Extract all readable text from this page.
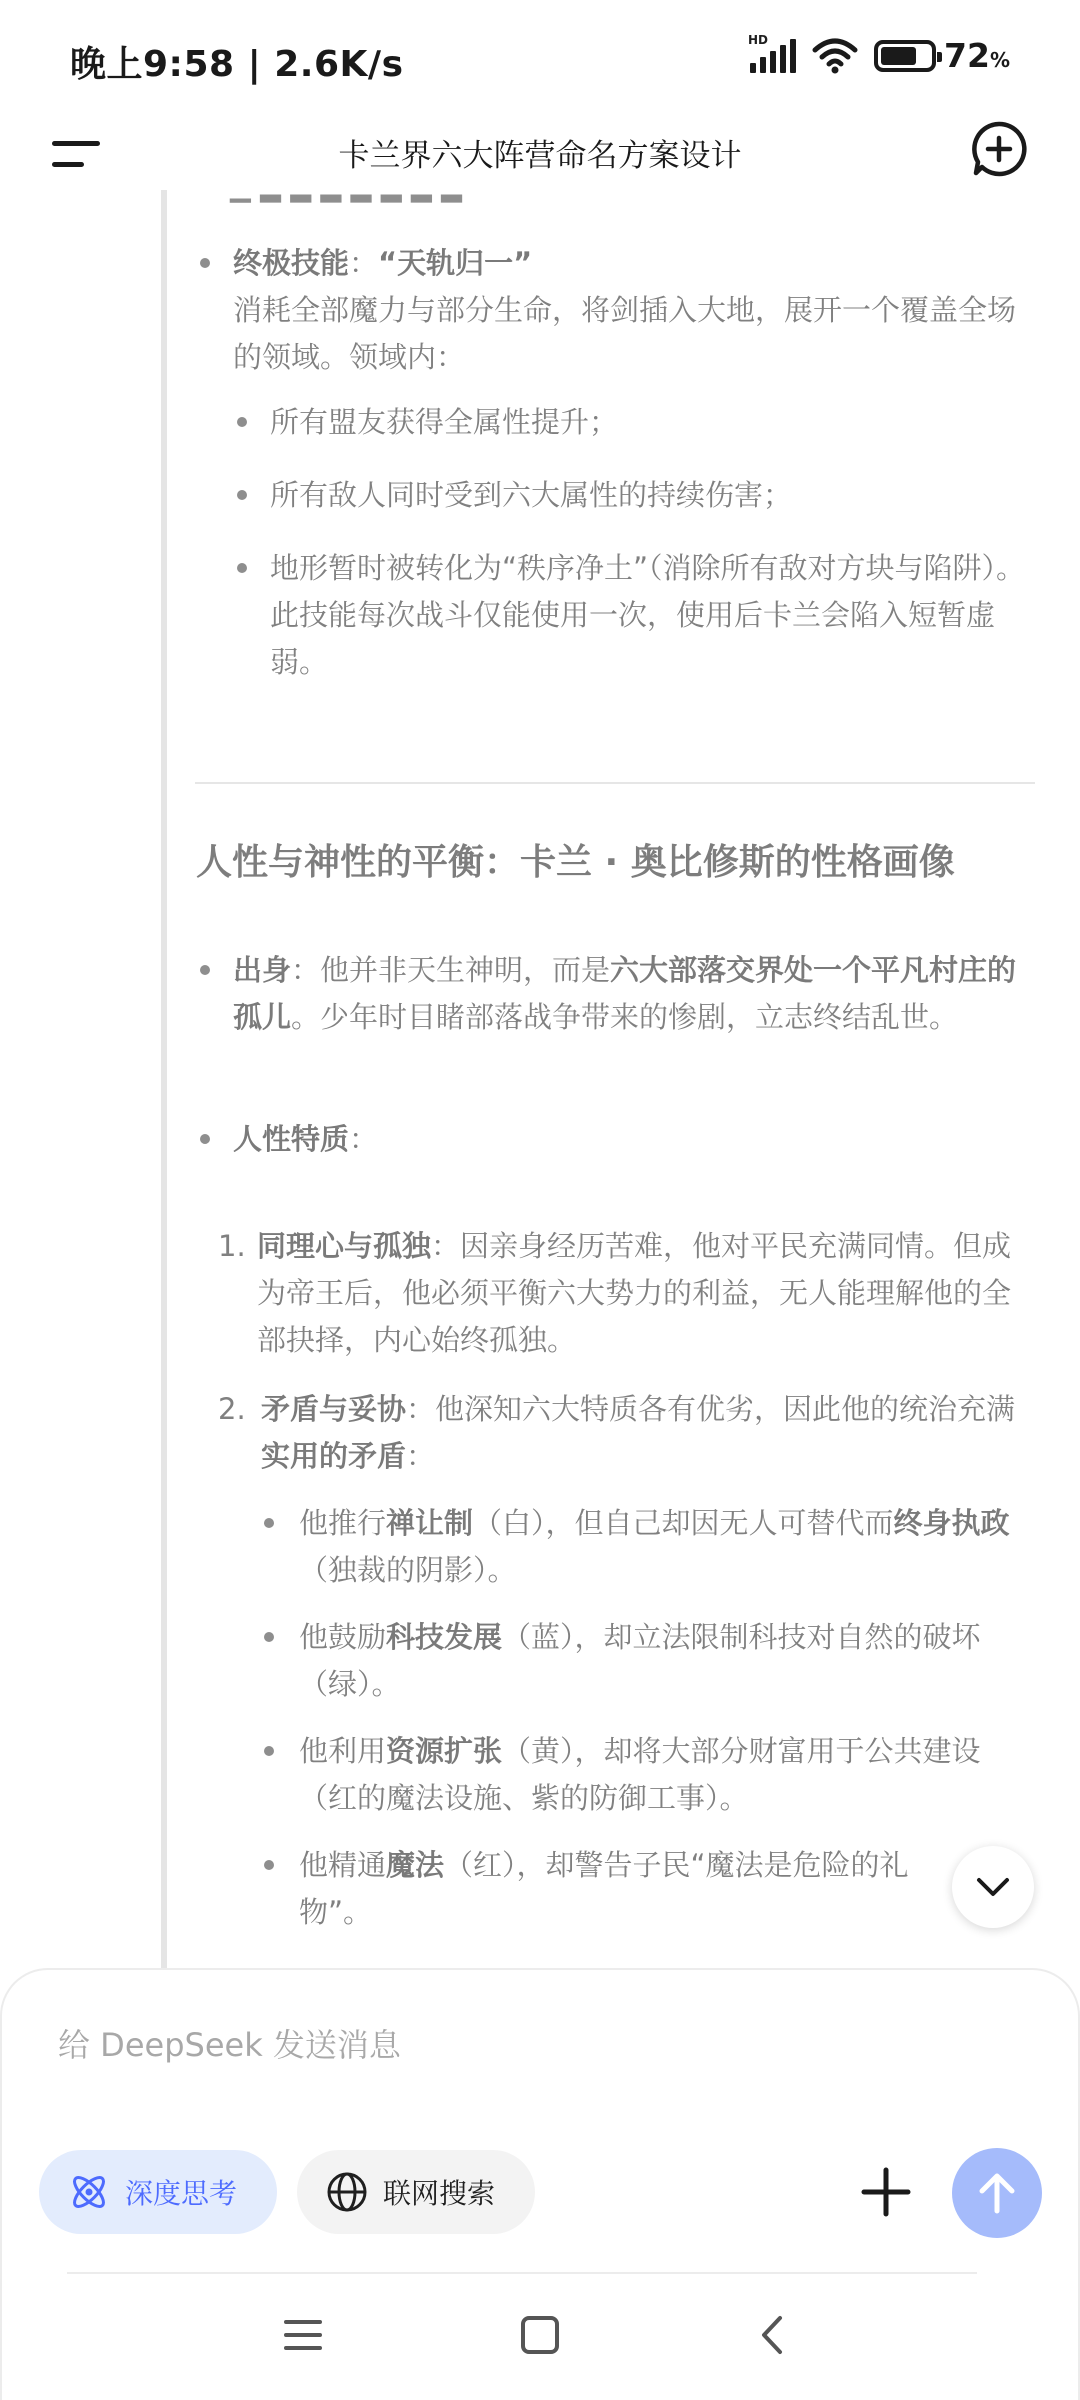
晚上9:58 | 2.6K/s
HD	72%
卡兰界六大阵营命名方案设计
▁ ▂ ▂ ▂ ▂ ▂ ▂ ▂
终极技能：“天轨归一”
消耗全部魔力与部分生命，将剑插入大地，展开一个覆盖全场的领域。领域内：
所有盟友获得全属性提升；
所有敌人同时受到六大属性的持续伤害；
地形暂时被转化为“秩序净土”（消除所有敌对方块与陷阱）。
此技能每次战斗仅能使用一次，使用后卡兰会陷入短暂虚弱。
人性与神性的平衡：卡兰 · 奥比修斯的性格画像
出身：他并非天生神明，而是六大部落交界处一个平凡村庄的孤儿。少年时目睹部落战争带来的惨剧，立志终结乱世。
人性特质：
1. 同理心与孤独：因亲身经历苦难，他对平民充满同情。但成为帝王后，他必须平衡六大势力的利益，无人能理解他的全部抉择，内心始终孤独。
2. 矛盾与妥协：他深知六大特质各有优劣，因此他的统治充满实用的矛盾：
他推行禅让制（白），但自己却因无人可替代而终身执政（独裁的阴影）。
他鼓励科技发展（蓝），却立法限制科技对自然的破坏（绿）。
他利用资源扩张（黄），却将大部分财富用于公共建设（红的魔法设施、紫的防御工事）。
他精通魔法（红），却警告子民“魔法是危险的礼物”。
给 DeepSeek 发送消息
深度思考	联网搜索
